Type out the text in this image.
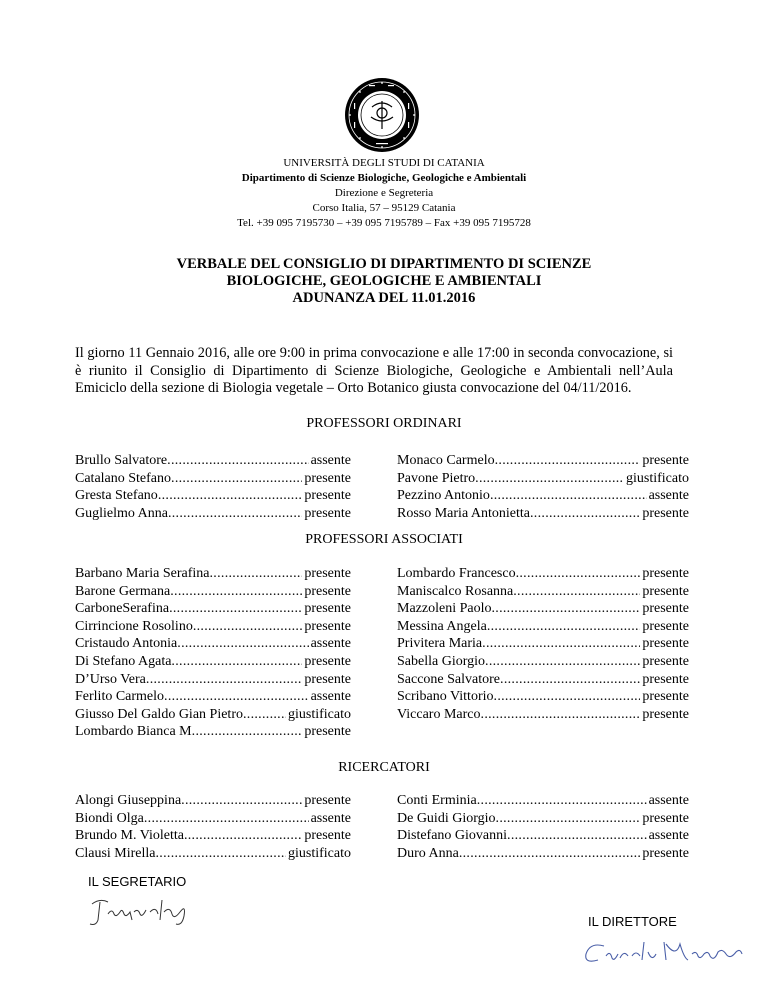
UNIVERSITÀ DEGLI STUDI DI CATANIA
Dipartimento di Scienze Biologiche, Geologiche e Ambientali
Direzione e Segreteria
Corso Italia, 57 – 95129 Catania
Tel. +39 095 7195730 – +39 095 7195789 – Fax +39 095 7195728
VERBALE DEL CONSIGLIO DI DIPARTIMENTO DI SCIENZE
BIOLOGICHE, GEOLOGICHE E AMBIENTALI
ADUNANZA DEL 11.01.2016
Il giorno 11 Gennaio 2016, alle ore 9:00 in prima convocazione e alle 17:00 in seconda convocazione, si è riunito il Consiglio di Dipartimento di Scienze Biologiche, Geologiche e Ambientali nell’Aula Emiciclo della sezione di Biologia vegetale – Orto Botanico giusta convocazione del 04/11/2016.
PROFESSORI ORDINARI
PROFESSORI ASSOCIATI
RICERCATORI
Brullo Salvatore .....	assente
Catalano Stefano .....	presente
Gresta Stefano .....	presente
Guglielmo Anna .....	presente
Monaco Carmelo .....	presente
Pavone Pietro .....	giustificato
Pezzino Antonio .....	assente
Rosso Maria Antonietta .....	presente
Barbano Maria Serafina .....	presente
Barone Germana .....	presente
CarboneSerafina .....	presente
Cirrincione Rosolino .....	presente
Cristaudo Antonia .....	assente
Di Stefano Agata .....	presente
D’Urso Vera .....	presente
Ferlito Carmelo .....	assente
Giusso Del Galdo Gian Pietro .....	giustificato
Lombardo Bianca M .....	presente
Lombardo Francesco .....	presente
Maniscalco Rosanna .....	presente
Mazzoleni Paolo .....	presente
Messina Angela .....	presente
Privitera Maria .....	presente
Sabella Giorgio .....	presente
Saccone Salvatore .....	presente
Scribano Vittorio .....	presente
Viccaro Marco .....	presente
Alongi Giuseppina .....	presente
Biondi Olga .....	assente
Brundo M. Violetta .....	presente
Clausi Mirella .....	giustificato
Conti Erminia .....	assente
De Guidi Giorgio .....	presente
Distefano Giovanni .....	assente
Duro Anna .....	presente
IL SEGRETARIO
IL DIRETTORE
